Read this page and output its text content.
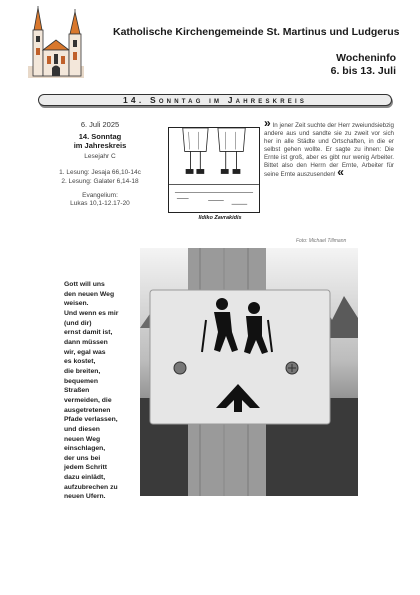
Katholische Kirchengemeinde St. Martinus und Ludgerus
Wocheninfo
6. bis 13. Juli
14. Sonntag im Jahreskreis
6. Juli 2025
14. Sonntag
im Jahreskreis
Lesejahr C
1. Lesung: Jesaja 66,10-14c
2. Lesung: Galater 6,14-18
Evangelium:
Lukas 10,1-12.17-20
Ildiko Zavrakidis
» In jener Zeit suchte der Herr zweiundsiebzig andere aus und sandte sie zu zweit vor sich her in alle Städte und Ortschaften, in die er selbst gehen wollte. Er sagte zu ihnen: Die Ernte ist groß, aber es gibt nur wenig Arbeiter. Bittet also den Herrn der Ernte, Arbeiter für seine Ernte auszusenden! «
Foto: Michael Tillmann
Gott will uns
den neuen Weg
weisen.
Und wenn es mir
(und dir)
ernst damit ist,
dann müssen
wir, egal was
es kostet,
die breiten,
bequemen
Straßen
vermeiden, die
ausgetretenen
Pfade verlassen,
und diesen
neuen Weg
einschlagen,
der uns bei
jedem Schritt
dazu einlädt,
aufzubrechen zu
neuen Ufern.
